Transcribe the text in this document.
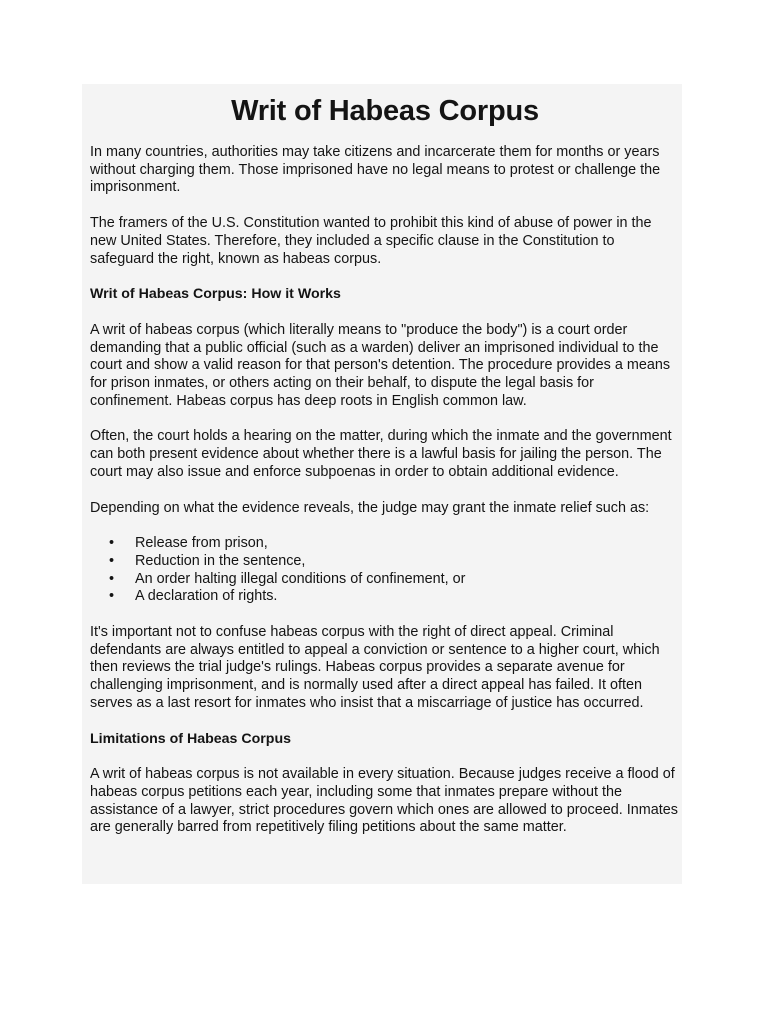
Writ of Habeas Corpus

In many countries, authorities may take citizens and incarcerate them for months or years without charging them. Those imprisoned have no legal means to protest or challenge the imprisonment.

The framers of the U.S. Constitution wanted to prohibit this kind of abuse of power in the new United States. Therefore, they included a specific clause in the Constitution to safeguard the right, known as habeas corpus.

Writ of Habeas Corpus: How it Works

A writ of habeas corpus (which literally means to "produce the body") is a court order demanding that a public official (such as a warden) deliver an imprisoned individual to the court and show a valid reason for that person's detention. The procedure provides a means for prison inmates, or others acting on their behalf, to dispute the legal basis for confinement. Habeas corpus has deep roots in English common law.

Often, the court holds a hearing on the matter, during which the inmate and the government can both present evidence about whether there is a lawful basis for jailing the person. The court may also issue and enforce subpoenas in order to obtain additional evidence.

Depending on what the evidence reveals, the judge may grant the inmate relief such as:

• Release from prison,
• Reduction in the sentence,
• An order halting illegal conditions of confinement, or
• A declaration of rights.

It's important not to confuse habeas corpus with the right of direct appeal. Criminal defendants are always entitled to appeal a conviction or sentence to a higher court, which then reviews the trial judge's rulings. Habeas corpus provides a separate avenue for challenging imprisonment, and is normally used after a direct appeal has failed. It often serves as a last resort for inmates who insist that a miscarriage of justice has occurred.

Limitations of Habeas Corpus

A writ of habeas corpus is not available in every situation. Because judges receive a flood of habeas corpus petitions each year, including some that inmates prepare without the assistance of a lawyer, strict procedures govern which ones are allowed to proceed. Inmates are generally barred from repetitively filing petitions about the same matter.
